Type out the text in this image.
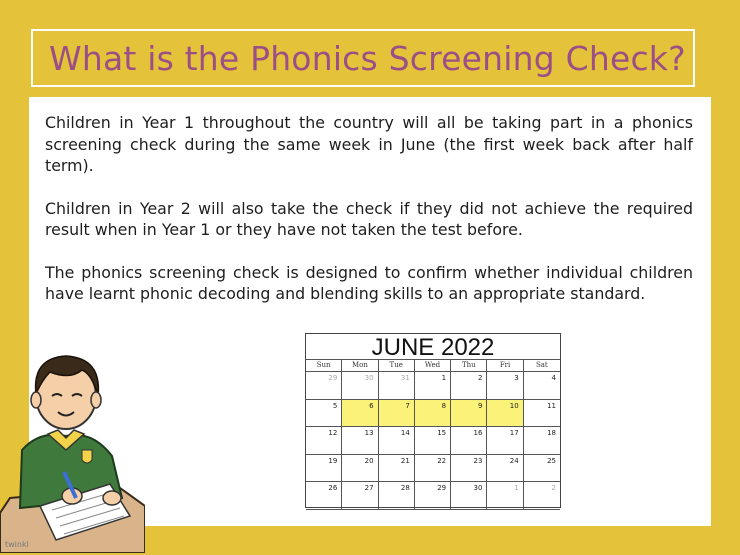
What is the Phonics Screening Check?

Children in Year 1 throughout the country will all be taking part in a phonics screening check during the same week in June (the first week back after half term).

Children in Year 2 will also take the check if they did not achieve the required result when in Year 1 or they have not taken the test before.

The phonics screening check is designed to confirm whether individual children have learnt phonic decoding and blending skills to an appropriate standard.

twinkl
JUNE 2022
Sun	Mon	Tue	Wed	Thu	Fri	Sat
29	30	31	1	2	3	4
5	6	7	8	9	10	11
12	13	14	15	16	17	18
19	20	21	22	23	24	25
26	27	28	29	30	1	2
